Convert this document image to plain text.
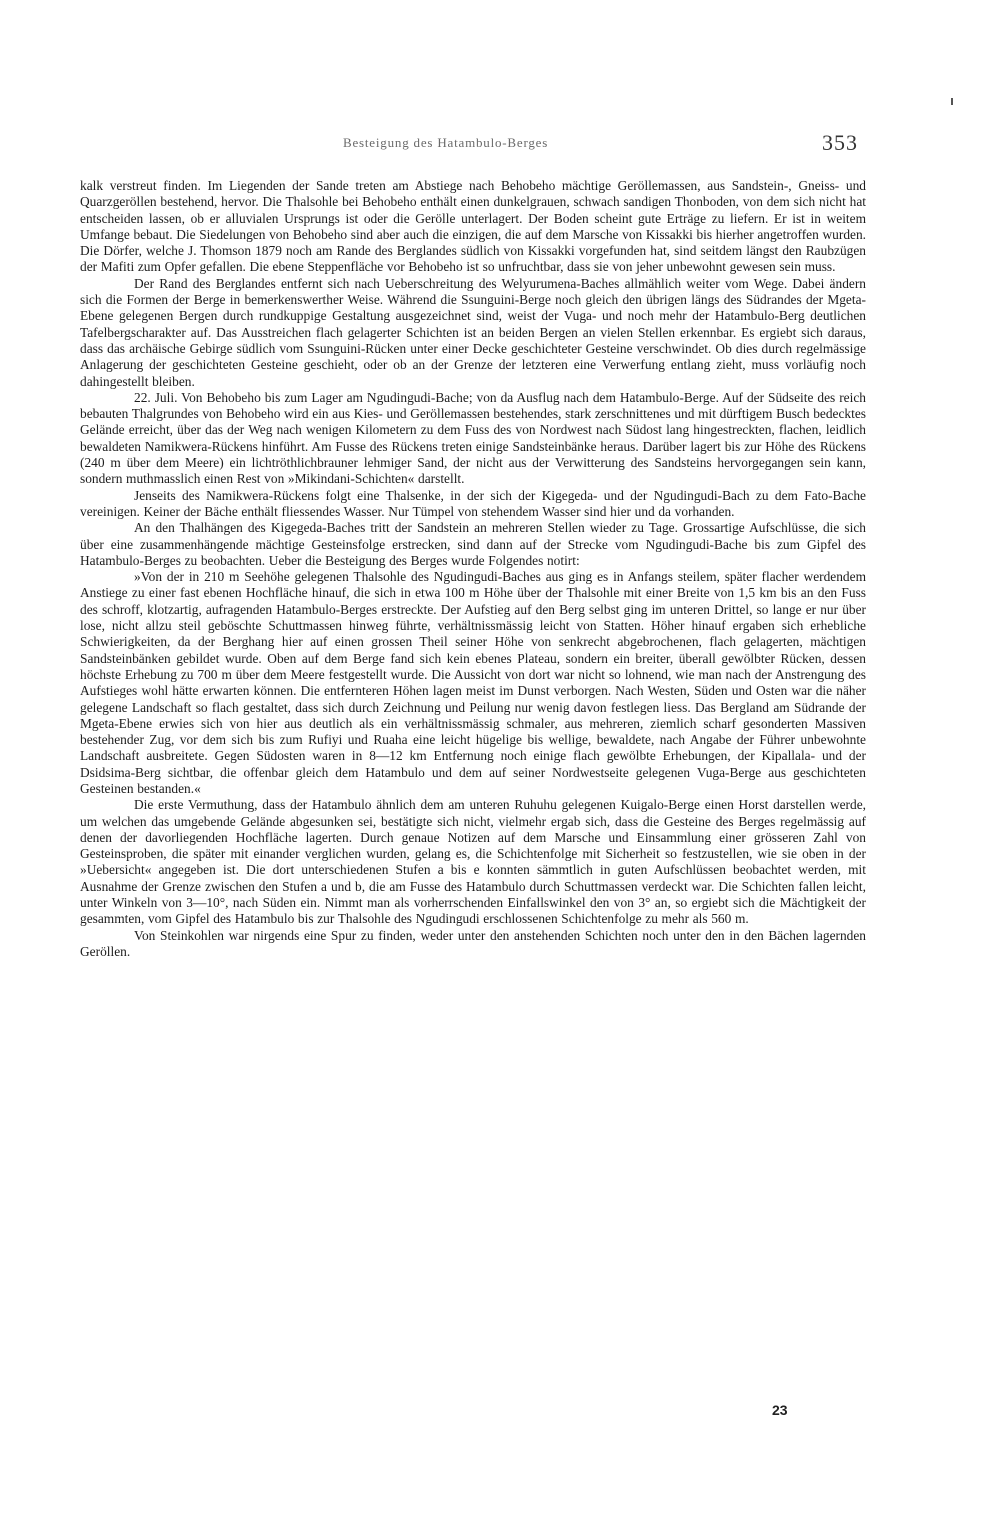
Besteigung des Hatambulo-Berges	353

kalk verstreut finden. Im Liegenden der Sande treten am Abstiege nach Behobeho mächtige Geröllemassen, aus Sandstein-, Gneiss- und Quarzgeröllen bestehend, hervor. Die Thalsohle bei Behobeho enthält einen dunkelgrauen, schwach sandigen Thonboden, von dem sich nicht hat entscheiden lassen, ob er alluvialen Ursprungs ist oder die Gerölle unterlagert. Der Boden scheint gute Erträge zu liefern. Er ist in weitem Umfange bebaut. Die Siedelungen von Behobeho sind aber auch die einzigen, die auf dem Marsche von Kissakki bis hierher angetroffen wurden. Die Dörfer, welche J. Thomson 1879 noch am Rande des Berglandes südlich von Kissakki vorgefunden hat, sind seitdem längst den Raubzügen der Mafiti zum Opfer gefallen. Die ebene Steppenfläche vor Behobeho ist so unfruchtbar, dass sie von jeher unbewohnt gewesen sein muss.

Der Rand des Berglandes entfernt sich nach Ueberschreitung des Welyurumena-Baches allmählich weiter vom Wege. Dabei ändern sich die Formen der Berge in bemerkenswerther Weise. Während die Ssunguini-Berge noch gleich den übrigen längs des Südrandes der Mgeta-Ebene gelegenen Bergen durch rundkuppige Gestaltung ausgezeichnet sind, weist der Vuga- und noch mehr der Hatambulo-Berg deutlichen Tafelbergscharakter auf. Das Ausstreichen flach gelagerter Schichten ist an beiden Bergen an vielen Stellen erkennbar. Es ergiebt sich daraus, dass das archäische Gebirge südlich vom Ssunguini-Rücken unter einer Decke geschichteter Gesteine verschwindet. Ob dies durch regelmässige Anlagerung der geschichteten Gesteine geschieht, oder ob an der Grenze der letzteren eine Verwerfung entlang zieht, muss vorläufig noch dahingestellt bleiben.

22. Juli. Von Behobeho bis zum Lager am Ngudingudi-Bache; von da Ausflug nach dem Hatambulo-Berge. Auf der Südseite des reich bebauten Thalgrundes von Behobeho wird ein aus Kies- und Geröllemassen bestehendes, stark zerschnittenes und mit dürftigem Busch bedecktes Gelände erreicht, über das der Weg nach wenigen Kilometern zu dem Fuss des von Nordwest nach Südost lang hingestreckten, flachen, leidlich bewaldeten Namikwera-Rückens hinführt. Am Fusse des Rückens treten einige Sandsteinbänke heraus. Darüber lagert bis zur Höhe des Rückens (240 m über dem Meere) ein lichtröthlichbrauner lehmiger Sand, der nicht aus der Verwitterung des Sandsteins hervorgegangen sein kann, sondern muthmasslich einen Rest von »Mikindani-Schichten« darstellt.

Jenseits des Namikwera-Rückens folgt eine Thalsenke, in der sich der Kigegeda- und der Ngudingudi-Bach zu dem Fato-Bache vereinigen. Keiner der Bäche enthält fliessendes Wasser. Nur Tümpel von stehendem Wasser sind hier und da vorhanden.

An den Thalhängen des Kigegeda-Baches tritt der Sandstein an mehreren Stellen wieder zu Tage. Grossartige Aufschlüsse, die sich über eine zusammenhängende mächtige Gesteinsfolge erstrecken, sind dann auf der Strecke vom Ngudingudi-Bache bis zum Gipfel des Hatambulo-Berges zu beobachten. Ueber die Besteigung des Berges wurde Folgendes notirt:

»Von der in 210 m Seehöhe gelegenen Thalsohle des Ngudingudi-Baches aus ging es in Anfangs steilem, später flacher werdendem Anstiege zu einer fast ebenen Hochfläche hinauf, die sich in etwa 100 m Höhe über der Thalsohle mit einer Breite von 1,5 km bis an den Fuss des schroff, klotzartig, aufragenden Hatambulo-Berges erstreckte. Der Aufstieg auf den Berg selbst ging im unteren Drittel, so lange er nur über lose, nicht allzu steil geböschte Schuttmassen hinweg führte, verhältnissmässig leicht von Statten. Höher hinauf ergaben sich erhebliche Schwierigkeiten, da der Berghang hier auf einen grossen Theil seiner Höhe von senkrecht abgebrochenen, flach gelagerten, mächtigen Sandsteinbänken gebildet wurde. Oben auf dem Berge fand sich kein ebenes Plateau, sondern ein breiter, überall gewölbter Rücken, dessen höchste Erhebung zu 700 m über dem Meere festgestellt wurde. Die Aussicht von dort war nicht so lohnend, wie man nach der Anstrengung des Aufstieges wohl hätte erwarten können. Die entfernteren Höhen lagen meist im Dunst verborgen. Nach Westen, Süden und Osten war die näher gelegene Landschaft so flach gestaltet, dass sich durch Zeichnung und Peilung nur wenig davon festlegen liess. Das Bergland am Südrande der Mgeta-Ebene erwies sich von hier aus deutlich als ein verhältnissmässig schmaler, aus mehreren, ziemlich scharf gesonderten Massiven bestehender Zug, vor dem sich bis zum Rufiyi und Ruaha eine leicht hügelige bis wellige, bewaldete, nach Angabe der Führer unbewohnte Landschaft ausbreitete. Gegen Südosten waren in 8—12 km Entfernung noch einige flach gewölbte Erhebungen, der Kipallala- und der Dsidsima-Berg sichtbar, die offenbar gleich dem Hatambulo und dem auf seiner Nordwestseite gelegenen Vuga-Berge aus geschichteten Gesteinen bestanden.«

Die erste Vermuthung, dass der Hatambulo ähnlich dem am unteren Ruhuhu gelegenen Kuigalo-Berge einen Horst darstellen werde, um welchen das umgebende Gelände abgesunken sei, bestätigte sich nicht, vielmehr ergab sich, dass die Gesteine des Berges regelmässig auf denen der davorliegenden Hochfläche lagerten. Durch genaue Notizen auf dem Marsche und Einsammlung einer grösseren Zahl von Gesteinsproben, die später mit einander verglichen wurden, gelang es, die Schichtenfolge mit Sicherheit so festzustellen, wie sie oben in der »Uebersicht« angegeben ist. Die dort unterschiedenen Stufen a bis e konnten sämmtlich in guten Aufschlüssen beobachtet werden, mit Ausnahme der Grenze zwischen den Stufen a und b, die am Fusse des Hatambulo durch Schuttmassen verdeckt war. Die Schichten fallen leicht, unter Winkeln von 3—10°, nach Süden ein. Nimmt man als vorherrschenden Einfallswinkel den von 3° an, so ergiebt sich die Mächtigkeit der gesammten, vom Gipfel des Hatambulo bis zur Thalsohle des Ngudingudi erschlossenen Schichtenfolge zu mehr als 560 m.

Von Steinkohlen war nirgends eine Spur zu finden, weder unter den anstehenden Schichten noch unter den in den Bächen lagernden Geröllen.

23
